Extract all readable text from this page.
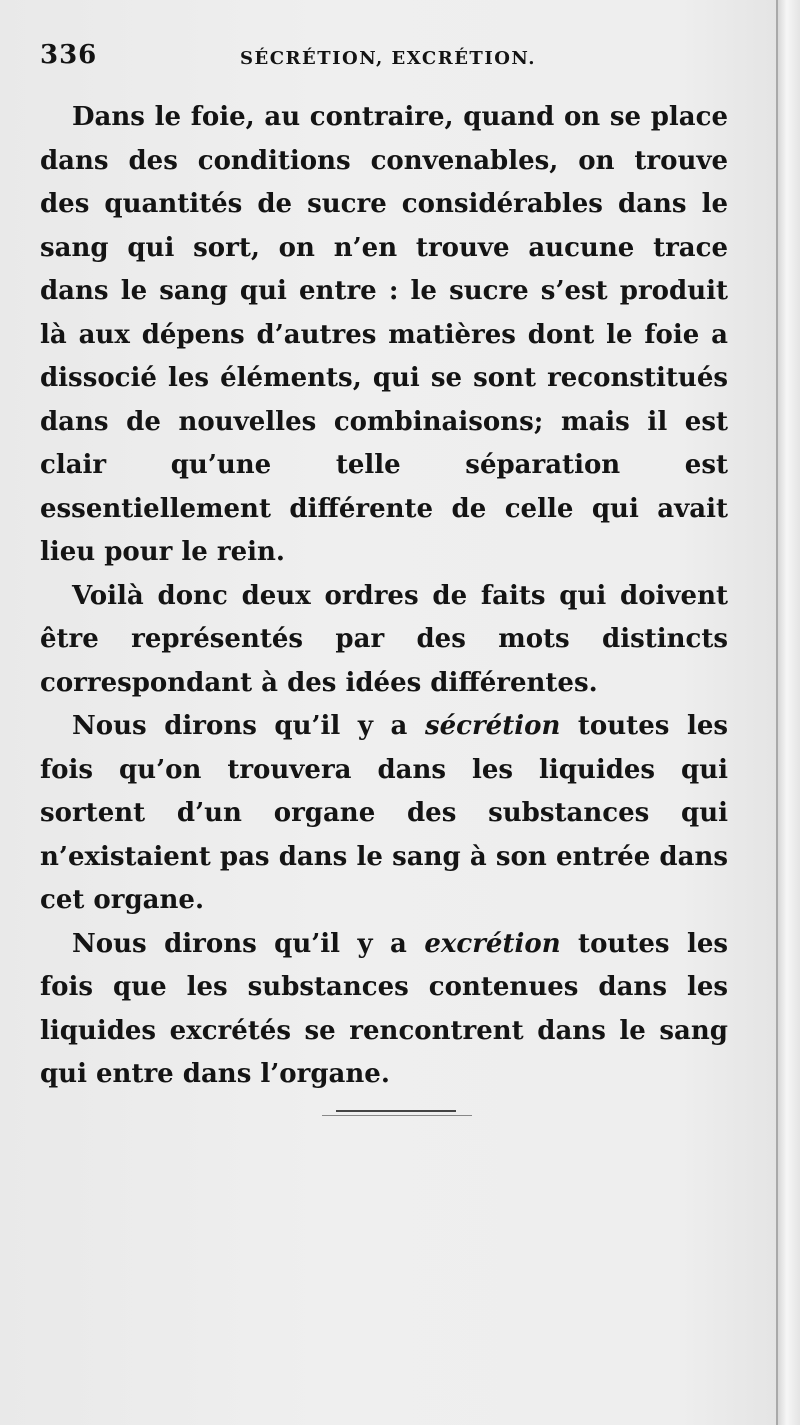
336	SÉCRÉTION, EXCRÉTION.

Dans le foie, au contraire, quand on se place dans des conditions convenables, on trouve des quantités de sucre considérables dans le sang qui sort, on n’en trouve aucune trace dans le sang qui entre : le sucre s’est produit là aux dépens d’autres matières dont le foie a dissocié les éléments, qui se sont reconstitués dans de nouvelles combinaisons; mais il est clair qu’une telle séparation est essentiellement différente de celle qui avait lieu pour le rein.

Voilà donc deux ordres de faits qui doivent être représentés par des mots distincts correspondant à des idées différentes.

Nous dirons qu’il y a sécrétion toutes les fois qu’on trouvera dans les liquides qui sortent d’un organe des substances qui n’existaient pas dans le sang à son entrée dans cet organe.

Nous dirons qu’il y a excrétion toutes les fois que les substances contenues dans les liquides excrétés se rencontrent dans le sang qui entre dans l’organe.
